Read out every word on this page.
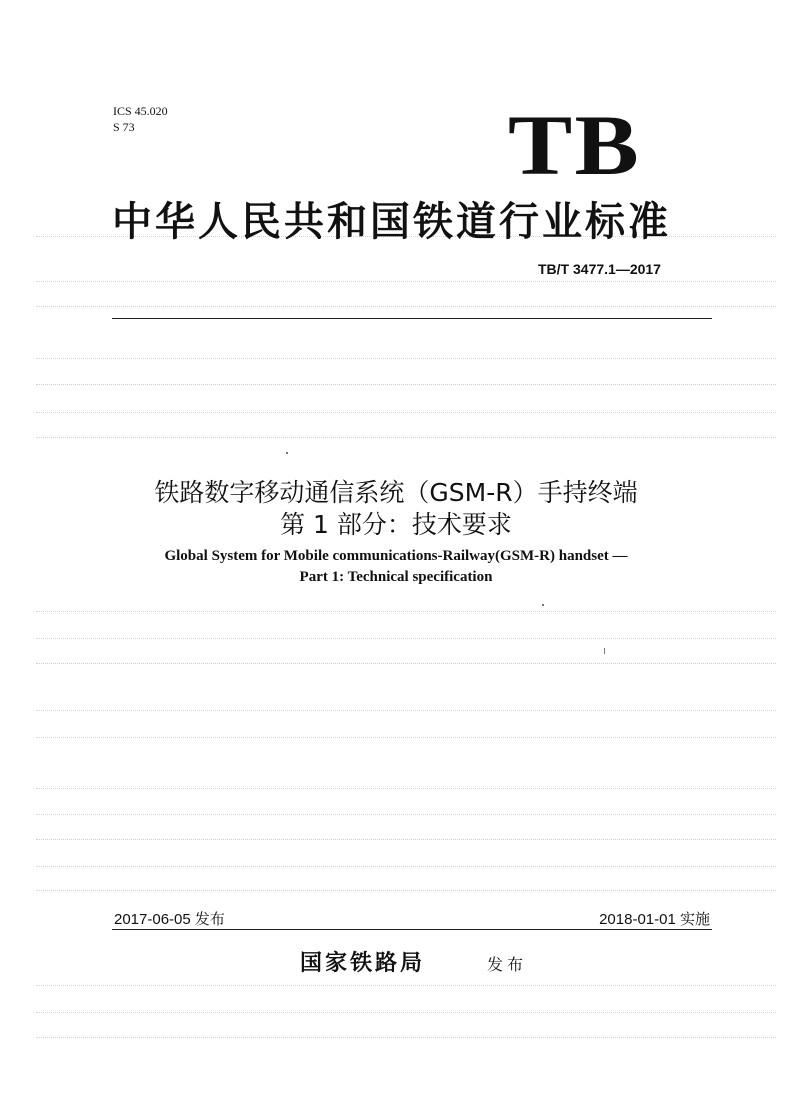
ICS 45.020
S 73	TB
中华人民共和国铁道行业标准
TB/T 3477.1—2017
铁路数字移动通信系统（GSM-R）手持终端
第 1 部分：技术要求
Global System for Mobile communications-Railway(GSM-R) handset —
Part 1: Technical specification
2017-06-05 发布	2018-01-01 实施
国家铁路局	发布
